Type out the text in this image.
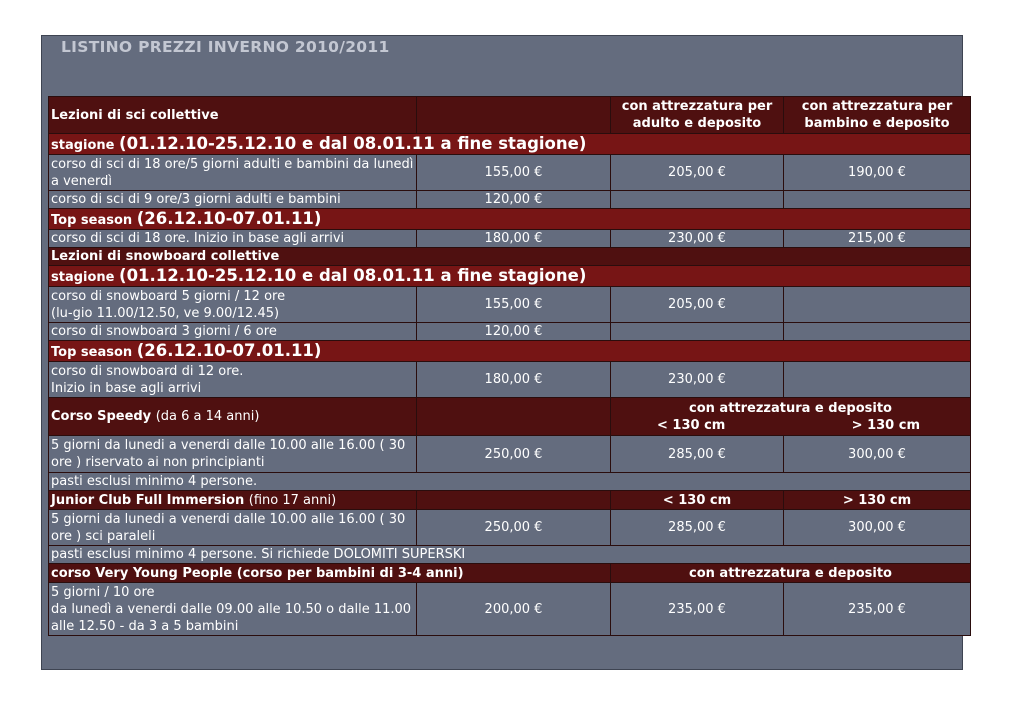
LISTINO PREZZI INVERNO 2010/2011
Lezioni di sci collettive		con attrezzatura per adulto e deposito	con attrezzatura per bambino e deposito
stagione (01.12.10-25.12.10 e dal 08.01.11 a fine stagione)			
corso di sci di 18 ore/5 giorni adulti e bambini da lunedì a venerdì	155,00 €	205,00 €	190,00 €
corso di sci di 9 ore/3 giorni adulti e bambini	120,00 €		
Top season (26.12.10-07.01.11)			
corso di sci di 18 ore. Inizio in base agli arrivi	180,00 €	230,00 €	215,00 €
Lezioni di snowboard collettive			
stagione (01.12.10-25.12.10 e dal 08.01.11 a fine stagione)			
corso di snowboard 5 giorni / 12 ore
(lu-gio 11.00/12.50, ve 9.00/12.45)	155,00 €	205,00 €	
corso di snowboard 3 giorni / 6 ore	120,00 €		
Top season (26.12.10-07.01.11)			
corso di snowboard di 12 ore.
Inizio in base agli arrivi	180,00 €	230,00 €	
Corso Speedy (da 6 a 14 anni)		con attrezzatura e deposito
< 130 cm > 130 cm	

5 giorni da lunedi a venerdi dalle 10.00 alle 16.00 ( 30 ore ) riservato ai non principianti	250,00 €	285,00 €	300,00 €
pasti esclusi minimo 4 persone.			
Junior Club Full Immersion (fino 17 anni)		< 130 cm	> 130 cm
5 giorni da lunedi a venerdi dalle 10.00 alle 16.00 ( 30 ore ) sci paraleli	250,00 €	285,00 €	300,00 €
pasti esclusi minimo 4 persone. Si richiede DOLOMITI SUPERSKI			
corso Very Young People (corso per bambini di 3-4 anni)		con attrezzatura e deposito	
5 giorni / 10 ore
da lunedì a venerdi dalle 09.00 alle 10.50 o dalle 11.00 alle 12.50 - da 3 a 5 bambini	200,00 €	235,00 €	235,00 €
